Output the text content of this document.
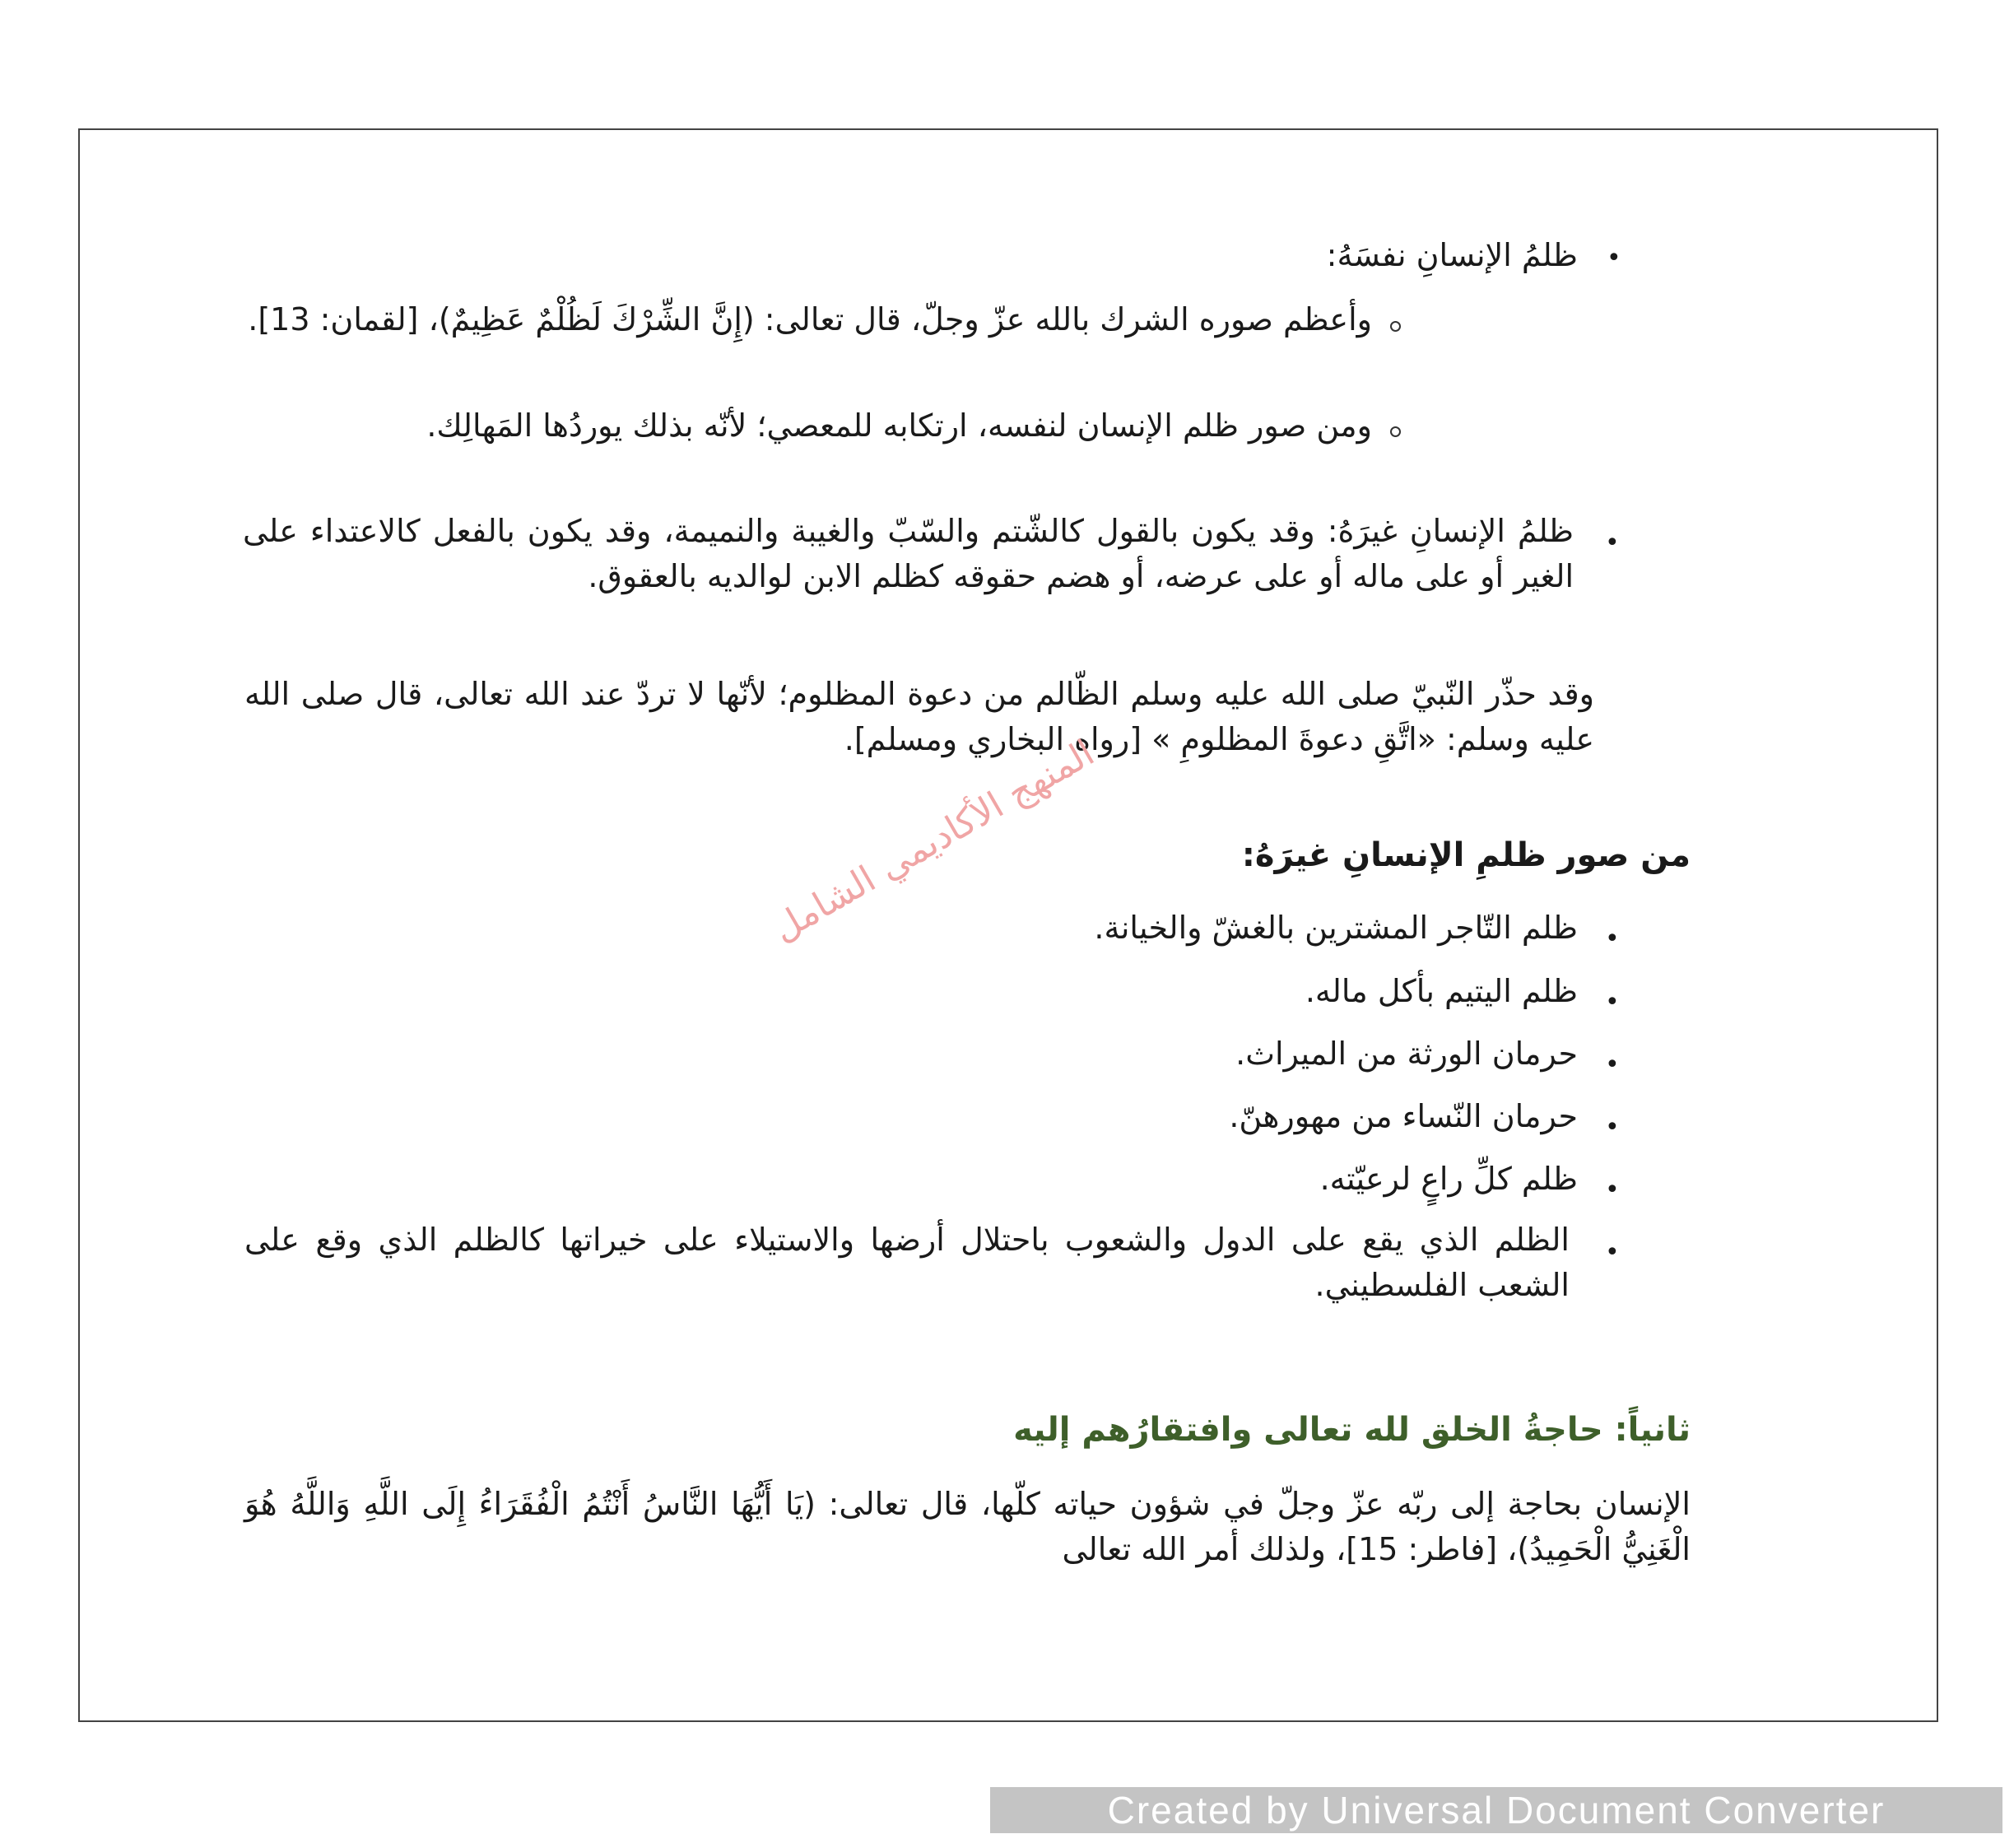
•

ظلمُ الإنسانِ نفسَهُ:

وأعظم صوره الشرك بالله عزّ وجلّ، قال تعالى: (إِنَّ الشِّرْكَ لَظُلْمٌ عَظِيمٌ)، [لقمان: 13].

ومن صور ظلم الإنسان لنفسه، ارتكابه للمعصي؛ لأنّه بذلك يوردُها المَهالِك.

•

ظلمُ الإنسانِ غيرَهُ: وقد يكون بالقول كالشّتم والسّبّ والغيبة والنميمة، وقد يكون بالفعل كالاعتداء على الغير أو على ماله أو على عرضه، أو هضم حقوقه كظلم الابن لوالديه بالعقوق.

وقد حذّر النّبيّ صلى الله عليه وسلم الظّالم من دعوة المظلوم؛ لأنّها لا تردّ عند الله تعالى، قال صلى الله عليه وسلم: «اتَّقِ دعوةَ المظلومِ » [رواه البخاري ومسلم].

من صور ظلمِ الإنسانِ غيرَهُ:
•

ظلم التّاجر المشترين بالغشّ والخيانة.

•

ظلم اليتيم بأكل ماله.

•

حرمان الورثة من الميراث.

•

حرمان النّساء من مهورهنّ.

•

ظلم كلِّ راعٍ لرعيّته.

•

الظلم الذي يقع على الدول والشعوب باحتلال أرضها والاستيلاء على خيراتها كالظلم الذي وقع على الشعب الفلسطيني.

ثانياً: حاجةُ الخلق لله تعالى وافتقارُهم إليه

الإنسان بحاجة إلى ربّه عزّ وجلّ في شؤون حياته كلّها، قال تعالى: (يَا أَيُّهَا النَّاسُ أَنْتُمُ الْفُقَرَاءُ إِلَى اللَّهِ وَاللَّهُ هُوَ الْغَنِيُّ الْحَمِيدُ)، [فاطر: 15]، ولذلك أمر الله تعالى

المنهج الأكاديمي الشامل
Created by Universal Document Converter
